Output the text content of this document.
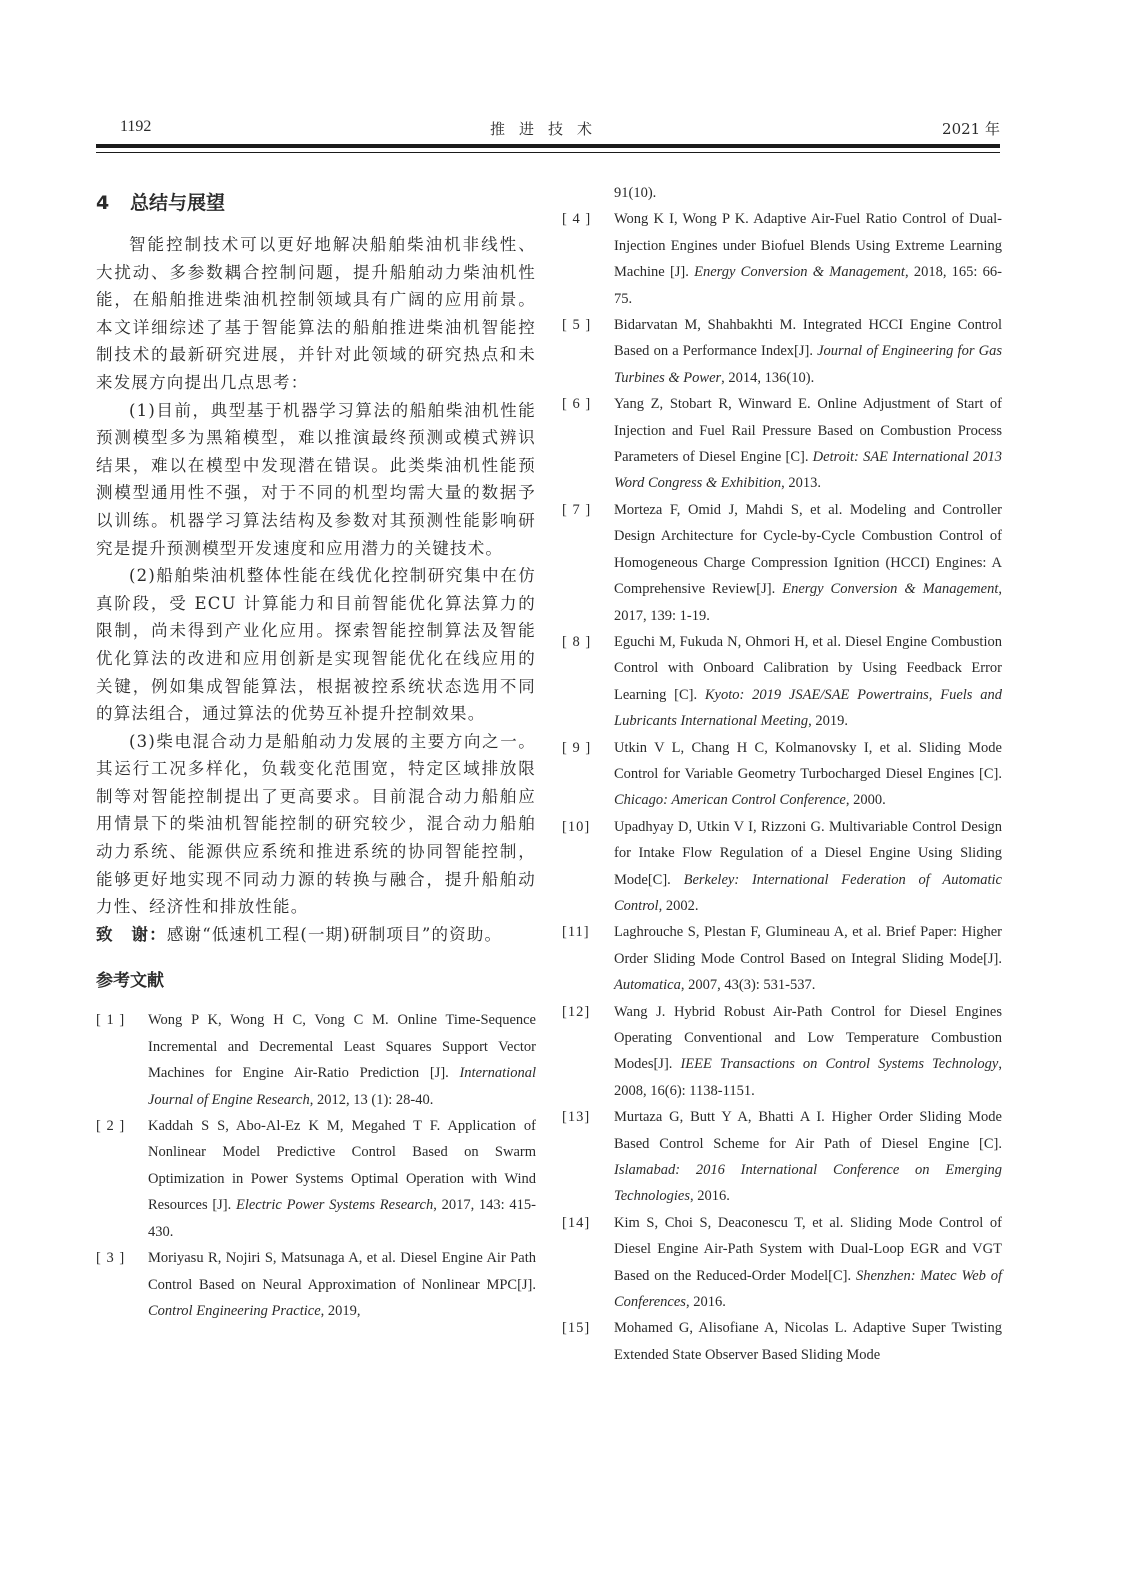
1192	推进技术	2021 年
4 总结与展望

智能控制技术可以更好地解决船舶柴油机非线性、大扰动、多参数耦合控制问题，提升船舶动力柴油机性能，在船舶推进柴油机控制领域具有广阔的应用前景。本文详细综述了基于智能算法的船舶推进柴油机智能控制技术的最新研究进展，并针对此领域的研究热点和未来发展方向提出几点思考：

(1)目前，典型基于机器学习算法的船舶柴油机性能预测模型多为黑箱模型，难以推演最终预测或模式辨识结果，难以在模型中发现潜在错误。此类柴油机性能预测模型通用性不强，对于不同的机型均需大量的数据予以训练。机器学习算法结构及参数对其预测性能影响研究是提升预测模型开发速度和应用潜力的关键技术。

(2)船舶柴油机整体性能在线优化控制研究集中在仿真阶段，受 ECU 计算能力和目前智能优化算法算力的限制，尚未得到产业化应用。探索智能控制算法及智能优化算法的改进和应用创新是实现智能优化在线应用的关键，例如集成智能算法，根据被控系统状态选用不同的算法组合，通过算法的优势互补提升控制效果。

(3)柴电混合动力是船舶动力发展的主要方向之一。其运行工况多样化，负载变化范围宽，特定区域排放限制等对智能控制提出了更高要求。目前混合动力船舶应用情景下的柴油机智能控制的研究较少，混合动力船舶动力系统、能源供应系统和推进系统的协同智能控制，能够更好地实现不同动力源的转换与融合，提升船舶动力性、经济性和排放性能。

致　谢：感谢“低速机工程(一期)研制项目”的资助。

参考文献
[ 1 ]	Wong P K, Wong H C, Vong C M. Online Time-Sequence Incremental and Decremental Least Squares Support Vector Machines for Engine Air-Ratio Prediction [J]. International Journal of Engine Research, 2012, 13 (1): 28-40.
[ 2 ]	Kaddah S S, Abo-Al-Ez K M, Megahed T F. Application of Nonlinear Model Predictive Control Based on Swarm Optimization in Power Systems Optimal Operation with Wind Resources [J]. Electric Power Systems Research, 2017, 143: 415-430.
[ 3 ]	Moriyasu R, Nojiri S, Matsunaga A, et al. Diesel Engine Air Path Control Based on Neural Approximation of Nonlinear MPC[J]. Control Engineering Practice, 2019,
91(10).
[ 4 ]	Wong K I, Wong P K. Adaptive Air-Fuel Ratio Control of Dual-Injection Engines under Biofuel Blends Using Extreme Learning Machine [J]. Energy Conversion & Management, 2018, 165: 66-75.
[ 5 ]	Bidarvatan M, Shahbakhti M. Integrated HCCI Engine Control Based on a Performance Index[J]. Journal of Engineering for Gas Turbines & Power, 2014, 136(10).
[ 6 ]	Yang Z, Stobart R, Winward E. Online Adjustment of Start of Injection and Fuel Rail Pressure Based on Combustion Process Parameters of Diesel Engine [C]. Detroit: SAE International 2013 Word Congress & Exhibition, 2013.
[ 7 ]	Morteza F, Omid J, Mahdi S, et al. Modeling and Controller Design Architecture for Cycle-by-Cycle Combustion Control of Homogeneous Charge Compression Ignition (HCCI) Engines: A Comprehensive Review[J]. Energy Conversion & Management, 2017, 139: 1-19.
[ 8 ]	Eguchi M, Fukuda N, Ohmori H, et al. Diesel Engine Combustion Control with Onboard Calibration by Using Feedback Error Learning [C]. Kyoto: 2019 JSAE/SAE Powertrains, Fuels and Lubricants International Meeting, 2019.
[ 9 ]	Utkin V L, Chang H C, Kolmanovsky I, et al. Sliding Mode Control for Variable Geometry Turbocharged Diesel Engines [C]. Chicago: American Control Conference, 2000.
[10]	Upadhyay D, Utkin V I, Rizzoni G. Multivariable Control Design for Intake Flow Regulation of a Diesel Engine Using Sliding Mode[C]. Berkeley: International Federation of Automatic Control, 2002.
[11]	Laghrouche S, Plestan F, Glumineau A, et al. Brief Paper: Higher Order Sliding Mode Control Based on Integral Sliding Mode[J]. Automatica, 2007, 43(3): 531-537.
[12]	Wang J. Hybrid Robust Air-Path Control for Diesel Engines Operating Conventional and Low Temperature Combustion Modes[J]. IEEE Transactions on Control Systems Technology, 2008, 16(6): 1138-1151.
[13]	Murtaza G, Butt Y A, Bhatti A I. Higher Order Sliding Mode Based Control Scheme for Air Path of Diesel Engine [C]. Islamabad: 2016 International Conference on Emerging Technologies, 2016.
[14]	Kim S, Choi S, Deaconescu T, et al. Sliding Mode Control of Diesel Engine Air-Path System with Dual-Loop EGR and VGT Based on the Reduced-Order Model[C]. Shenzhen: Matec Web of Conferences, 2016.
[15]	Mohamed G, Alisofiane A, Nicolas L. Adaptive Super Twisting Extended State Observer Based Sliding Mode
